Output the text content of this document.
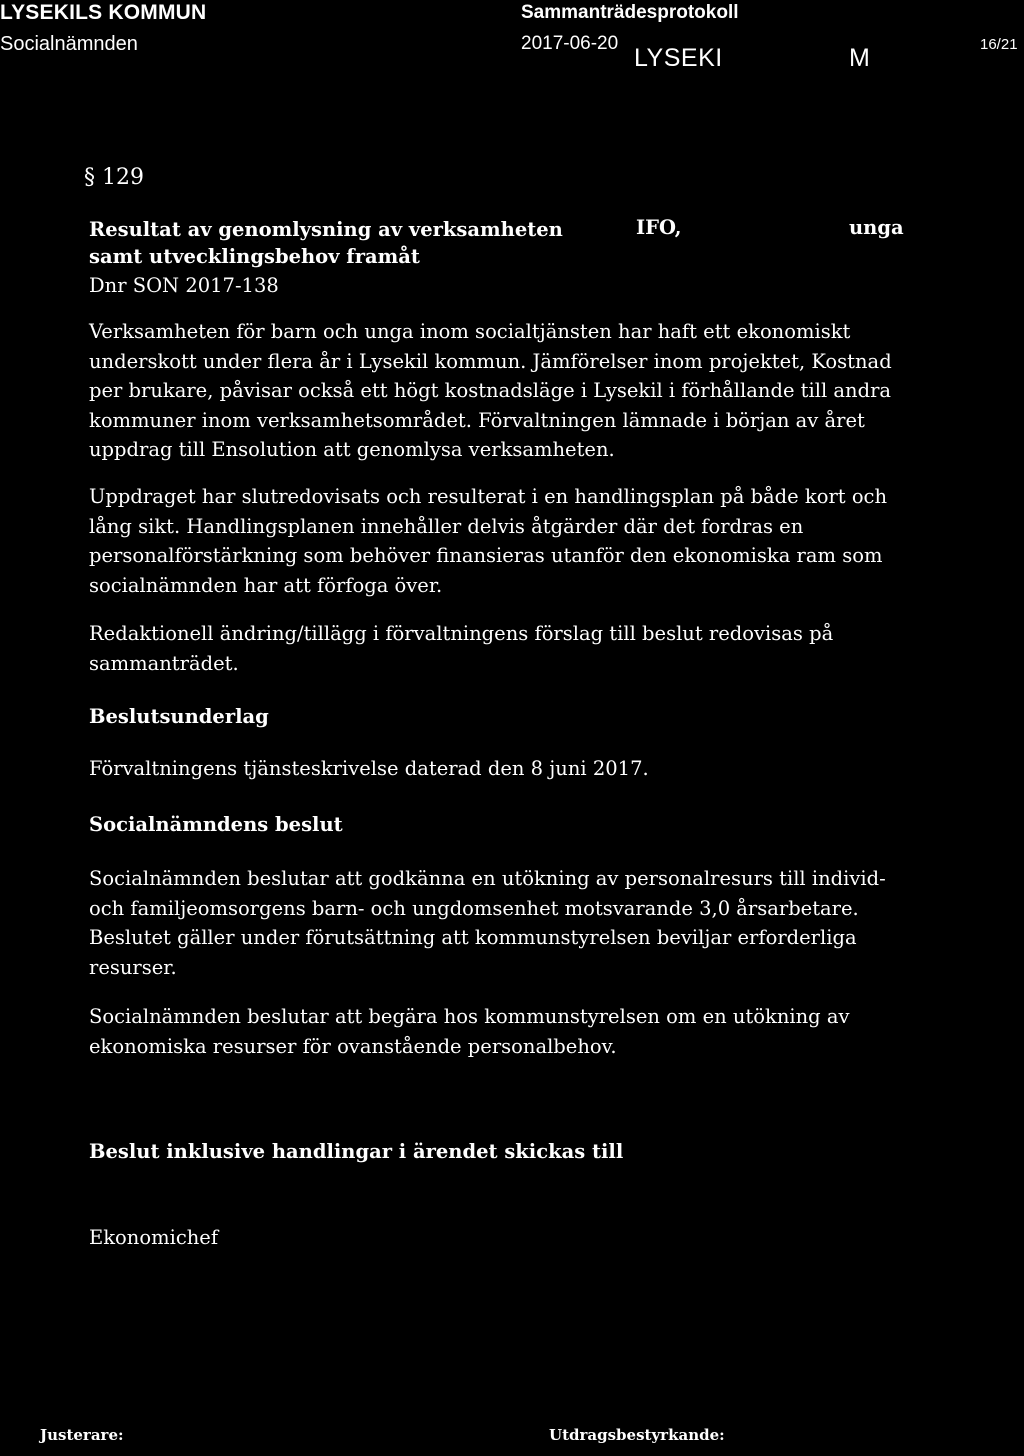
LYSEKILS KOMMUN
Socialnämnden
Sammanträdesprotokoll
2017-06-20
LYSEKI	M	16/21
§ 129
Resultat av genomlysning av verksamheten
samt utvecklingsbehov framåt
IFO,	unga
Dnr SON 2017-138
Verksamheten för barn och unga inom socialtjänsten har haft ett ekonomiskt
underskott under flera år i Lysekil kommun. Jämförelser inom projektet, Kostnad
per brukare, påvisar också ett högt kostnadsläge i Lysekil i förhållande till andra
kommuner inom verksamhetsområdet. Förvaltningen lämnade i början av året
uppdrag till Ensolution att genomlysa verksamheten.
Uppdraget har slutredovisats och resulterat i en handlingsplan på både kort och
lång sikt. Handlingsplanen innehåller delvis åtgärder där det fordras en
personalförstärkning som behöver finansieras utanför den ekonomiska ram som
socialnämnden har att förfoga över.
Redaktionell ändring/tillägg i förvaltningens förslag till beslut redovisas på
sammanträdet.
Beslutsunderlag
Förvaltningens tjänsteskrivelse daterad den 8 juni 2017.
Socialnämndens beslut
Socialnämnden beslutar att godkänna en utökning av personalresurs till individ-
och familjeomsorgens barn- och ungdomsenhet motsvarande 3,0 årsarbetare.
Beslutet gäller under förutsättning att kommunstyrelsen beviljar erforderliga
resurser.
Socialnämnden beslutar att begära hos kommunstyrelsen om en utökning av
ekonomiska resurser för ovanstående personalbehov.
Beslut inklusive handlingar i ärendet skickas till
Ekonomichef
Justerare:	Utdragsbestyrkande:
